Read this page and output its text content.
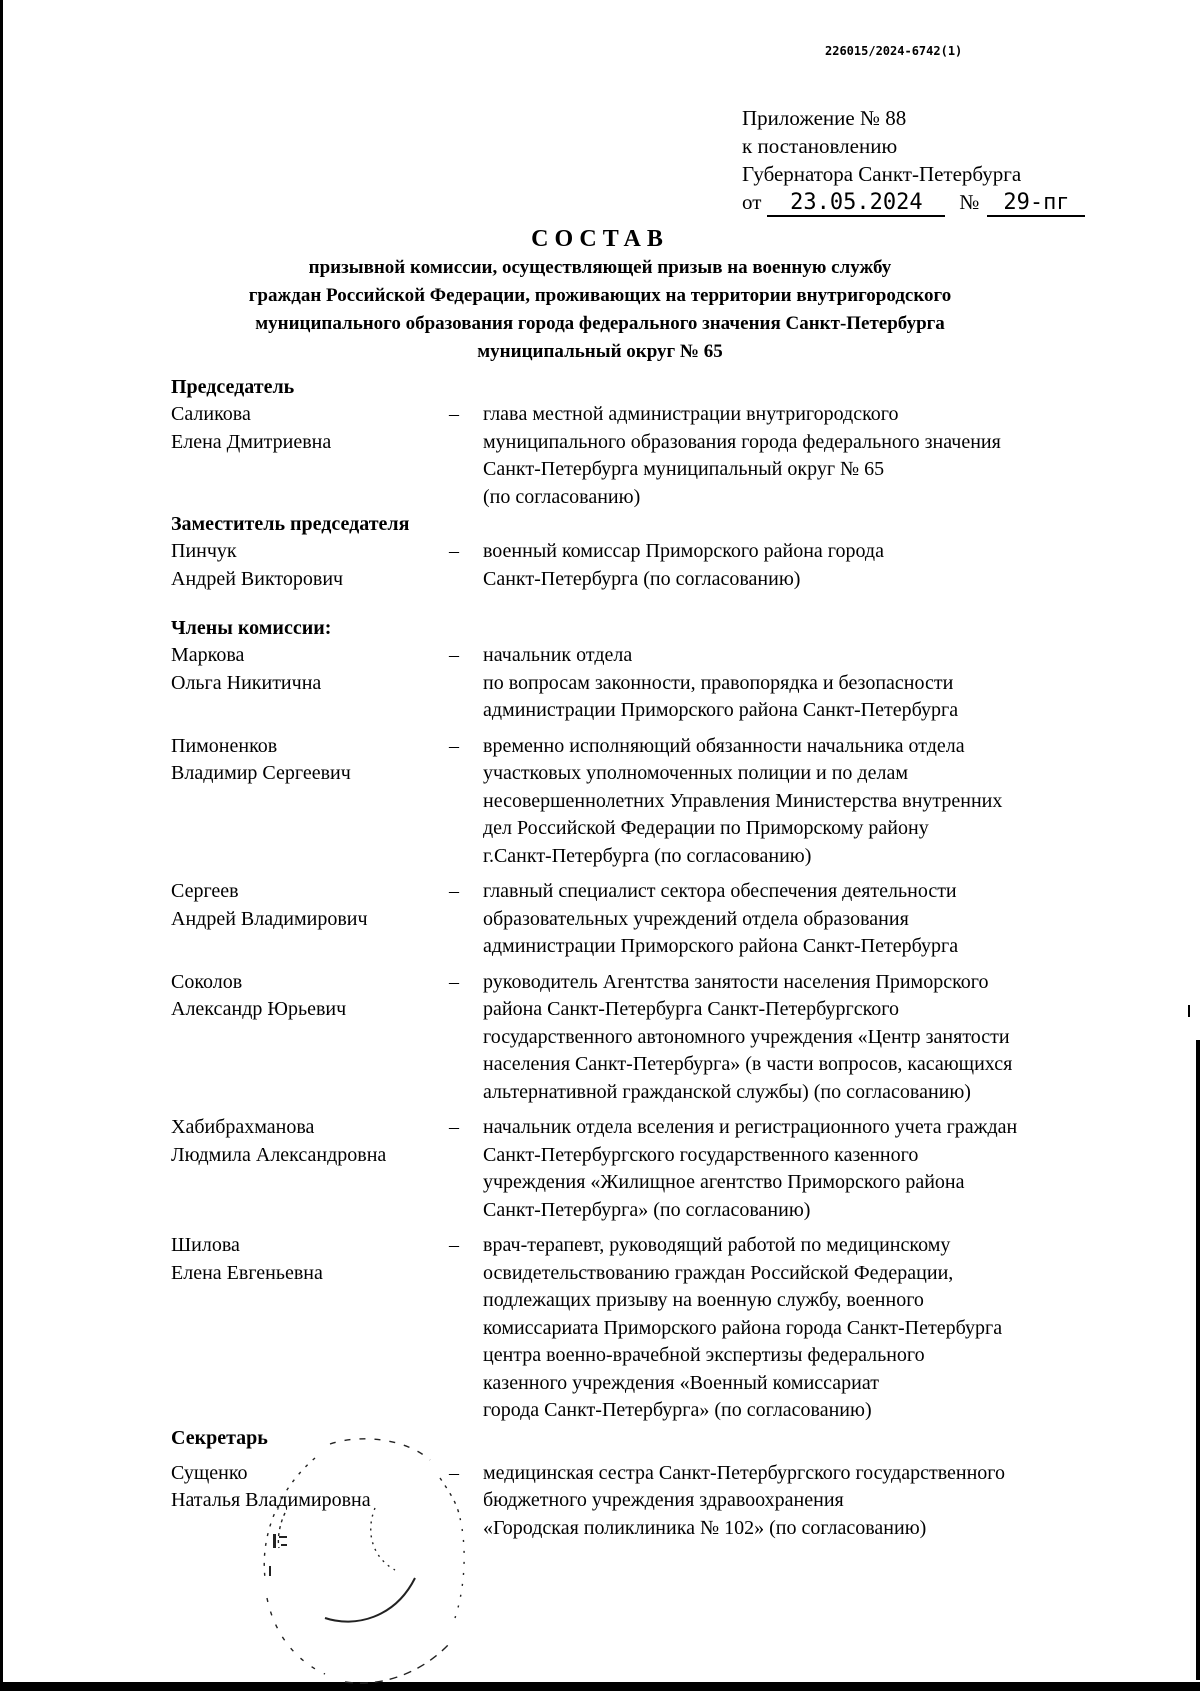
226015/2024-6742(1)
Приложение № 88
к постановлению
Губернатора Санкт-Петербурга
от 23.05.2024 № 29-пг
СОСТАВ
призывной комиссии, осуществляющей призыв на военную службу
граждан Российской Федерации, проживающих на территории внутригородского
муниципального образования города федерального значения Санкт-Петербурга
муниципальный округ № 65
Председатель
Саликова
Елена Дмитриевна
–	главa местной администрации внутригородского
муниципального образования города федерального значения
Санкт-Петербурга муниципальный округ № 65
(по согласованию)
Заместитель председателя
Пинчук
Андрей Викторович
–	военный комиссар Приморского района города
Санкт-Петербурга (по согласованию)
Члены комиссии:
Маркова
Ольга Никитична
–	начальник отдела
по вопросам законности, правопорядка и безопасности
администрации Приморского района Санкт-Петербурга
Пимоненков
Владимир Сергеевич
–	временно исполняющий обязанности начальника отдела
участковых уполномоченных полиции и по делам
несовершеннолетних Управления Министерства внутренних
дел Российской Федерации по Приморскому району
г.Санкт-Петербурга (по согласованию)
Сергеев
Андрей Владимирович
–	главный специалист сектора обеспечения деятельности
образовательных учреждений отдела образования
администрации Приморского района Санкт-Петербурга
Соколов
Александр Юрьевич
–	руководитель Агентства занятости населения Приморского
района Санкт-Петербурга Санкт-Петербургского
государственного автономного учреждения «Центр занятости
населения Санкт-Петербурга» (в части вопросов, касающихся
альтернативной гражданской службы) (по согласованию)
Хабибрахманова
Людмила Александровна
–	начальник отдела вселения и регистрационного учета граждан
Санкт-Петербургского государственного казенного
учреждения «Жилищное агентство Приморского района
Санкт-Петербурга» (по согласованию)
Шилова
Елена Евгеньевна
–	врач-терапевт, руководящий работой по медицинскому
освидетельствованию граждан Российской Федерации,
подлежащих призыву на военную службу, военного
комиссариата Приморского района города Санкт-Петербурга
центра военно-врачебной экспертизы федерального
казенного учреждения «Военный комиссариат
города Санкт-Петербурга» (по согласованию)
Секретарь
Сущенко
Наталья Владимировна
–	медицинская сестра Санкт-Петербургского государственного
бюджетного учреждения здравоохранения
«Городская поликлиника № 102» (по согласованию)
